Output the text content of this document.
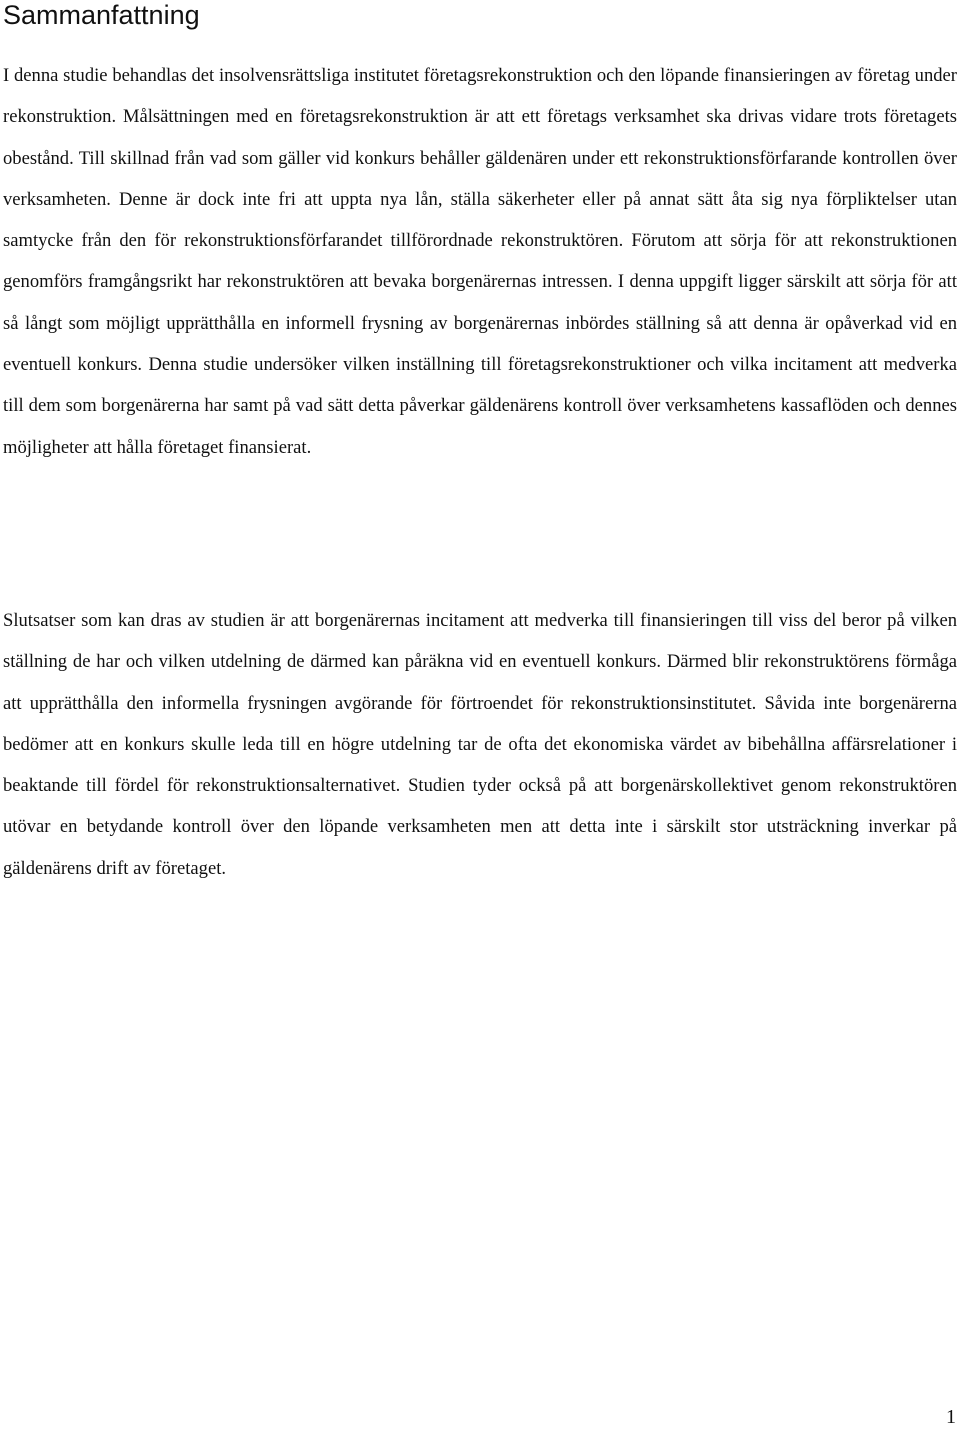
Sammanfattning

I denna studie behandlas det insolvensrättsliga institutet företagsrekonstruktion och den löpande finansieringen av företag under rekonstruktion. Målsättningen med en företagsrekonstruktion är att ett företags verksamhet ska drivas vidare trots företagets obestånd. Till skillnad från vad som gäller vid konkurs behåller gäldenären under ett rekonstruktionsförfarande kontrollen över verksamheten. Denne är dock inte fri att uppta nya lån, ställa säkerheter eller på annat sätt åta sig nya förpliktelser utan samtycke från den för rekonstruktionsförfarandet tillförordnade rekonstruktören. Förutom att sörja för att rekonstruktionen genomförs framgångsrikt har rekonstruktören att bevaka borgenärernas intressen. I denna uppgift ligger särskilt att sörja för att så långt som möjligt upprätthålla en informell frysning av borgenärernas inbördes ställning så att denna är opåverkad vid en eventuell konkurs. Denna studie undersöker vilken inställning till företagsrekonstruktioner och vilka incitament att medverka till dem som borgenärerna har samt på vad sätt detta påverkar gäldenärens kontroll över verksamhetens kassaflöden och dennes möjligheter att hålla företaget finansierat.

Slutsatser som kan dras av studien är att borgenärernas incitament att medverka till finansieringen till viss del beror på vilken ställning de har och vilken utdelning de därmed kan påräkna vid en eventuell konkurs. Därmed blir rekonstruktörens förmåga att upprätthålla den informella frysningen avgörande för förtroendet för rekonstruktionsinstitutet. Såvida inte borgenärerna bedömer att en konkurs skulle leda till en högre utdelning tar de ofta det ekonomiska värdet av bibehållna affärsrelationer i beaktande till fördel för rekonstruktionsalternativet. Studien tyder också på att borgenärskollektivet genom rekonstruktören utövar en betydande kontroll över den löpande verksamheten men att detta inte i särskilt stor utsträckning inverkar på gäldenärens drift av företaget.

1
